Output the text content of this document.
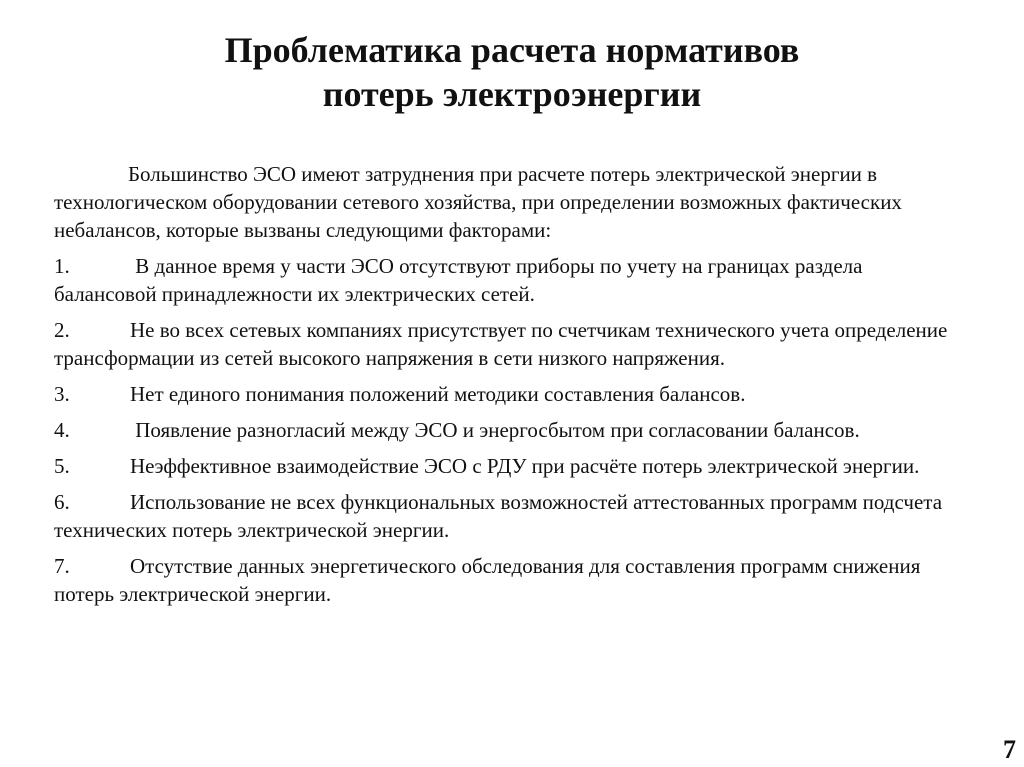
Проблематика расчета нормативов
потерь электроэнергии

Большинство ЭСО имеют затруднения при расчете потерь электрической энергии в технологическом оборудовании сетевого хозяйства, при определении возможных фактических небалансов, которые вызваны следующими факторами:

1.	В данное время у части ЭСО отсутствуют приборы по учету на границах раздела балансовой принадлежности их электрических сетей.

2.	Не во всех сетевых компаниях присутствует по счетчикам технического учета определение трансформации из сетей высокого напряжения в сети низкого напряжения.

3.	Нет единого понимания положений методики составления балансов.

4.	Появление разногласий между ЭСО и энергосбытом при согласовании балансов.

5.	Неэффективное взаимодействие ЭСО с РДУ при расчёте потерь электрической энергии.

6.	Использование не всех функциональных возможностей аттестованных программ подсчета технических потерь электрической энергии.

7.	Отсутствие данных энергетического обследования для составления программ снижения потерь электрической энергии.

7
